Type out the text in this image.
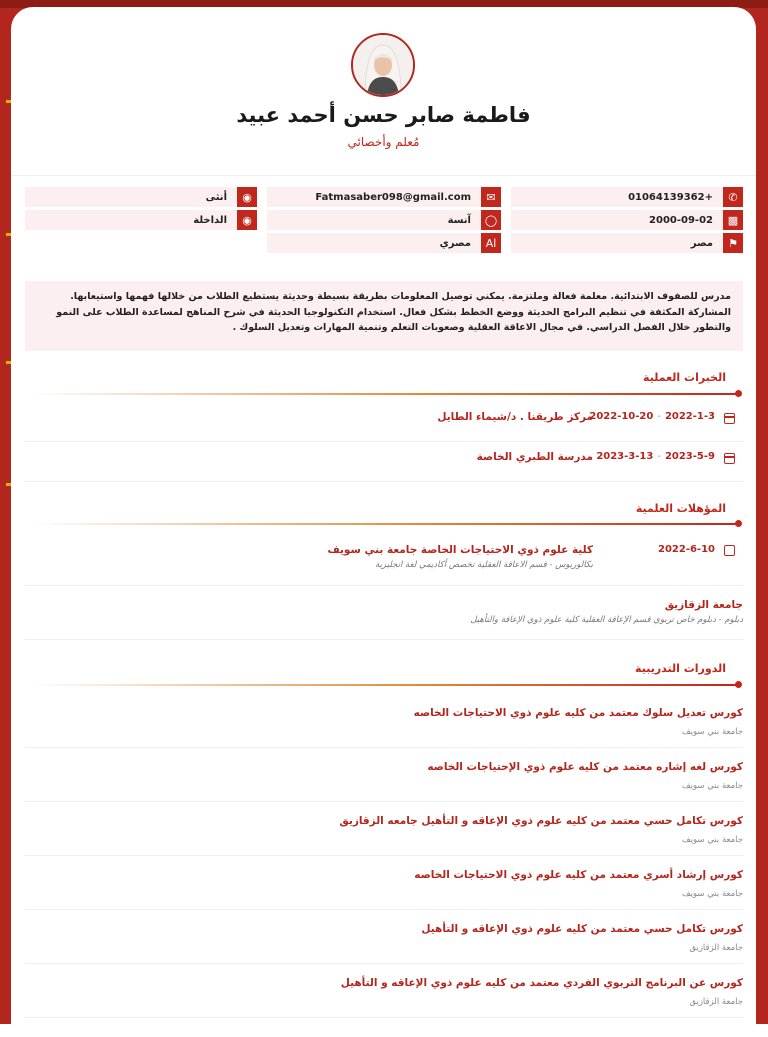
فاطمة صابر حسن أحمد عبيد
مُعلم وأخصائي
✆
+01064139362
✉
Fatmasaber098@gmail.com
◉
أنثى
▩
2000-09-02
◯
آنسة
◉
الداخلة
⚑
مصر
اA
مصري
مدرس للصفوف الابتدائية. معلمة فعالة وملتزمة. يمكني توصيل المعلومات بطريقة بسيطة وحديثة يستطيع الطلاب من خلالها فهمها واستيعابها. المشاركة المكثفة في تنظيم البرامج الحديثة ووضع الخطط بشكل فعال. استخدام التكنولوجيا الحديثة في شرح المناهج لمساعدة الطلاب على النمو والتطور خلال الفصل الدراسي. في مجال الاعاقة العقلية وصعوبات التعلم وتنمية المهارات وتعديل السلوك .
الخبرات العملية
2022-10-20 - 2022-1-3
مركز طريقنا . د/شيماء الطايل
2023-3-13 - 2023-5-9
مدرسة الطبري الخاصة
المؤهلات العلمية
2022-6-10
كلية علوم ذوي الاحتياجات الخاصة جامعة بني سويف
بكالوريوس - قسم الاعاقة العقلية تخصص أكاديمي لغة انجليزية
جامعة الزقازيق
دبلوم - دبلوم خاص تربوي قسم الإعاقة العقلية كلية علوم ذوي الإعاقة والتأهيل
الدورات التدريبية
كورس تعديل سلوك معتمد من كليه علوم ذوي الاحتياجات الخاصه
جامعة بني سويف
كورس لغه إشاره معتمد من كليه علوم ذوي الإحتياجات الخاصه
جامعة بني سويف
كورس تكامل حسي معتمد من كليه علوم ذوي الإعاقه و التأهيل جامعه الزقازيق
جامعة بني سويف
كورس إرشاد أسري معتمد من كليه علوم ذوي الاحتياجات الخاصه
جامعة بني سويف
كورس تكامل حسي معتمد من كليه علوم ذوي الإعاقه و التأهيل
جامعة الزقازيق
كورس عن البرنامج التربوي الفردي معتمد من كليه علوم ذوي الإعاقه و التأهيل
جامعة الزقازيق
